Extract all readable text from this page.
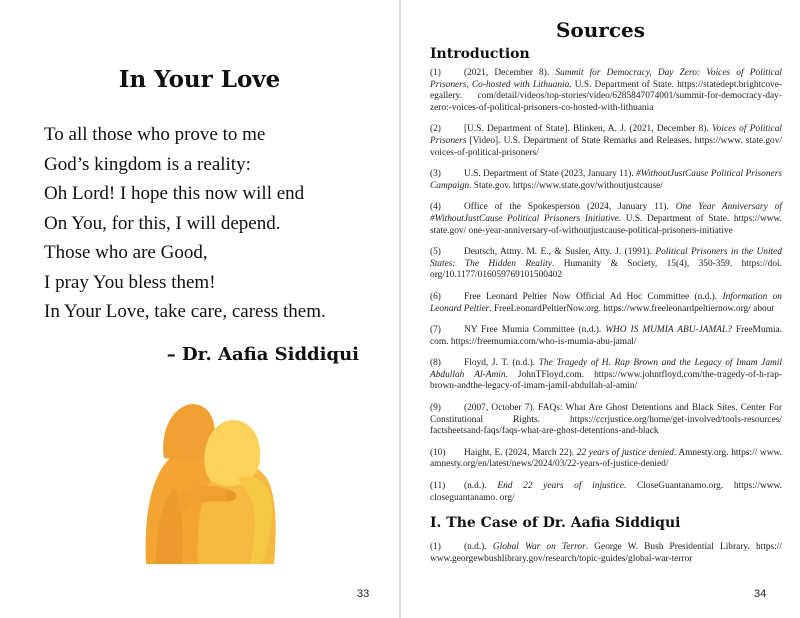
In Your Love
To all those who prove to me
God’s kingdom is a reality:
Oh Lord! I hope this now will end
On You, for this, I will depend.
Those who are Good,
I pray You bless them!
In Your Love, take care, caress them.
– Dr. Aafia Siddiqui
33
Sources
Introduction
(1) (2021, December 8). Summit for Democracy, Day Zero: Voices of Political Prisoners, Co-hosted with Lithuania. U.S. Department of State. https://statedept.brightcove-egallery. com/detail/videos/top-stories/video/6285847074001/summit-for-democracy-day-zero:-voices-of-political-prisoners-co-hosted-with-lithuania
(2) [U.S. Department of State]. Blinken, A. J. (2021, December 8). Voices of Political Prisoners [Video]. U.S. Department of State Remarks and Releases. https://www. state.gov/ voices-of-political-prisoners/
(3) U.S. Department of State (2023, January 11). #WithoutJustCause Political Prisoners Campaign. State.gov. https://www.state.gov/withoutjustcause/
(4) Office of the Spokesperson (2024, January 11). One Year Anniversary of #WithoutJustCause Political Prisoners Initiative. U.S. Department of State. https://www. state.gov/ one-year-anniversary-of-withoutjustcause-political-prisoners-initiative
(5) Deutsch, Attny. M. E., & Susler, Atty. J. (1991). Political Prisoners in the United States: The Hidden Reality. Humanity & Society, 15(4), 350-359. https://doi. org/10.1177/016059769101500402
(6) Free Leonard Peltier Now Official Ad Hoc Committee (n.d.). Information on Leonard Peltier. FreeLeonardPeltierNow.org. https://www.freeleonardpeltiernow.org/ about
(7) NY Free Mumia Committee (n.d.). WHO IS MUMIA ABU-JAMAL? FreeMumia. com. https://freemumia.com/who-is-mumia-abu-jamal/
(8) Floyd, J. T. (n.d.). The Tragedy of H. Rap Brown and the Legacy of Imam Jamil Abdullah Al-Amin. JohnTFloyd.com. https://www.johntfloyd.com/the-tragedy-of-h-rap-brown-andthe-legacy-of-imam-jamil-abdullah-al-amin/
(9) (2007, October 7). FAQs: What Are Ghost Detentions and Black Sites. Center For Constitutional Rights. https://ccrjustice.org/home/get-involved/tools-resources/ factsheetsand-faqs/faqs-what-are-ghost-detentions-and-black
(10) Haight, E. (2024, March 22). 22 years of justice denied. Amnesty.org. https:// www. amnesty.org/en/latest/news/2024/03/22-years-of-justice-denied/
(11) (n.d.). End 22 years of injustice. CloseGuantanamo.org. https://www. closeguantanamo. org/
I. The Case of Dr. Aafia Siddiqui
(1) (n.d.). Global War on Terror. George W. Bush Presidential Library. https:// www.georgewbushlibrary.gov/research/topic-guides/global-war-terror
34
